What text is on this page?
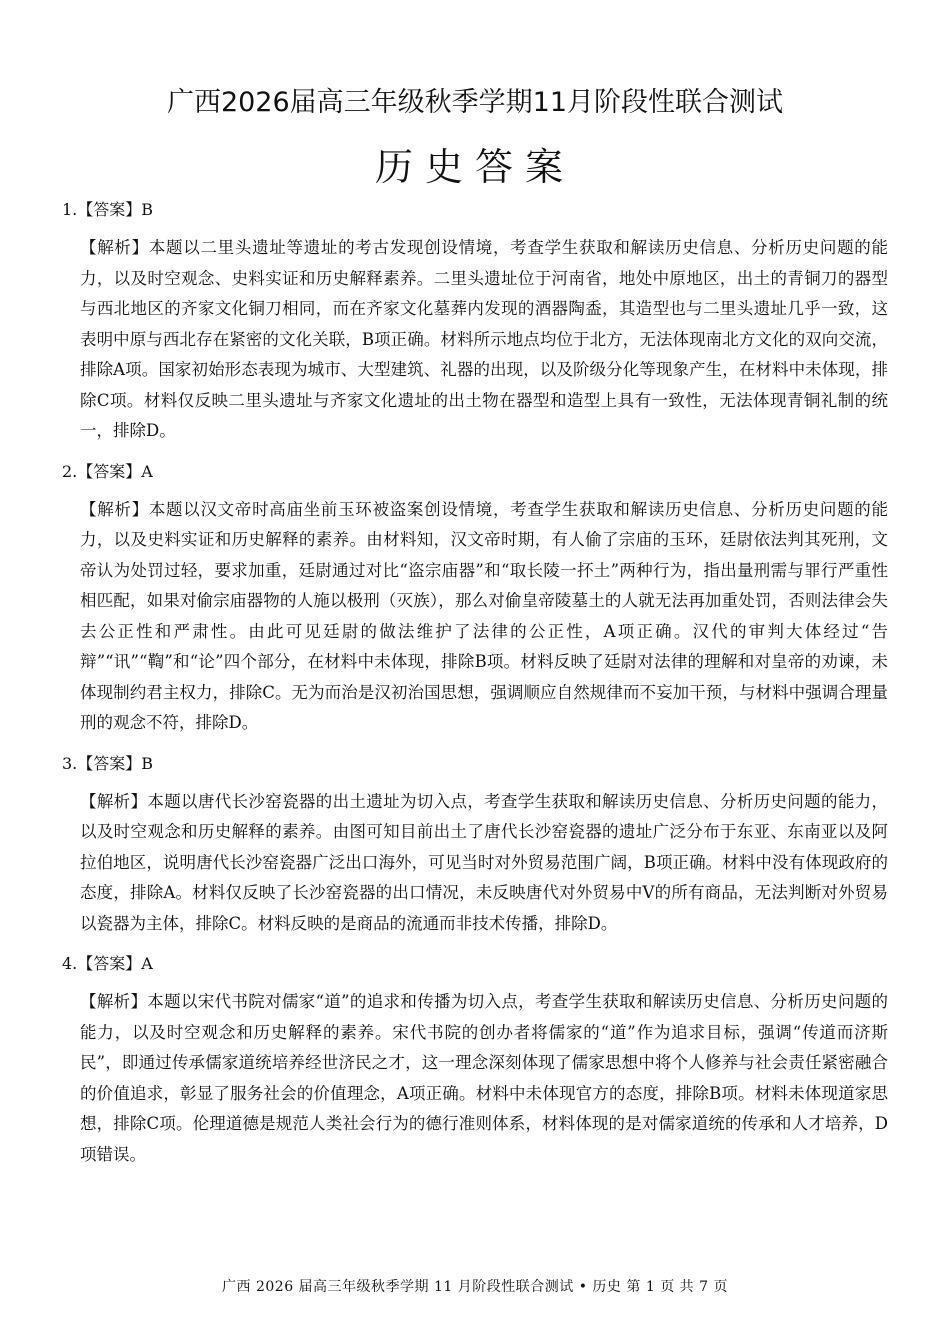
广西2026届高三年级秋季学期11月阶段性联合测试
历史答案
1.【答案】B

【解析】本题以二里头遗址等遗址的考古发现创设情境，考查学生获取和解读历史信息、分析历史问题的能力，以及时空观念、史料实证和历史解释素养。二里头遗址位于河南省，地处中原地区，出土的青铜刀的器型与西北地区的齐家文化铜刀相同，而在齐家文化墓葬内发现的酒器陶盉，其造型也与二里头遗址几乎一致，这表明中原与西北存在紧密的文化关联，B项正确。材料所示地点均位于北方，无法体现南北方文化的双向交流，排除A项。国家初始形态表现为城市、大型建筑、礼器的出现，以及阶级分化等现象产生，在材料中未体现，排除C项。材料仅反映二里头遗址与齐家文化遗址的出土物在器型和造型上具有一致性，无法体现青铜礼制的统一，排除D。

2.【答案】A

【解析】本题以汉文帝时高庙坐前玉环被盗案创设情境，考查学生获取和解读历史信息、分析历史问题的能力，以及史料实证和历史解释的素养。由材料知，汉文帝时期，有人偷了宗庙的玉环，廷尉依法判其死刑，文帝认为处罚过轻，要求加重，廷尉通过对比“盗宗庙器”和“取长陵一抔土”两种行为，指出量刑需与罪行严重性相匹配，如果对偷宗庙器物的人施以极刑（灭族），那么对偷皇帝陵墓土的人就无法再加重处罚，否则法律会失去公正性和严肃性。由此可见廷尉的做法维护了法律的公正性，A项正确。汉代的审判大体经过“告辩”“讯”“鞫”和“论”四个部分，在材料中未体现，排除B项。材料反映了廷尉对法律的理解和对皇帝的劝谏，未体现制约君主权力，排除C。无为而治是汉初治国思想，强调顺应自然规律而不妄加干预，与材料中强调合理量刑的观念不符，排除D。

3.【答案】B

【解析】本题以唐代长沙窑瓷器的出土遗址为切入点，考查学生获取和解读历史信息、分析历史问题的能力，以及时空观念和历史解释的素养。由图可知目前出土了唐代长沙窑瓷器的遗址广泛分布于东亚、东南亚以及阿拉伯地区，说明唐代长沙窑瓷器广泛出口海外，可见当时对外贸易范围广阔，B项正确。材料中没有体现政府的态度，排除A。材料仅反映了长沙窑瓷器的出口情况，未反映唐代对外贸易中V的所有商品，无法判断对外贸易以瓷器为主体，排除C。材料反映的是商品的流通而非技术传播，排除D。

4.【答案】A

【解析】本题以宋代书院对儒家“道”的追求和传播为切入点，考查学生获取和解读历史信息、分析历史问题的能力，以及时空观念和历史解释的素养。宋代书院的创办者将儒家的“道”作为追求目标，强调“传道而济斯民”，即通过传承儒家道统培养经世济民之才，这一理念深刻体现了儒家思想中将个人修养与社会责任紧密融合的价值追求，彰显了服务社会的价值理念，A项正确。材料中未体现官方的态度，排除B项。材料未体现道家思想，排除C项。伦理道德是规范人类社会行为的德行准则体系，材料体现的是对儒家道统的传承和人才培养，D项错误。

广西 2026 届高三年级秋季学期 11 月阶段性联合测试 • 历史 第 1 页 共 7 页
